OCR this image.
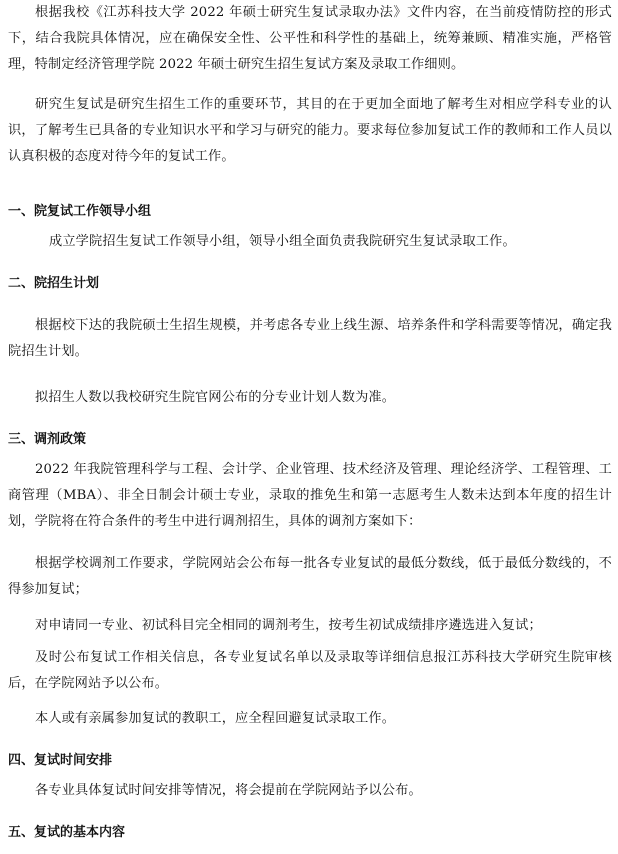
根据我校《江苏科技大学 2022 年硕士研究生复试录取办法》文件内容，在当前疫情防控的形式下，结合我院具体情况，应在确保安全性、公平性和科学性的基础上，统筹兼顾、精准实施，严格管理，特制定经济管理学院 2022 年硕士研究生招生复试方案及录取工作细则。

研究生复试是研究生招生工作的重要环节，其目的在于更加全面地了解考生对相应学科专业的认识，了解考生已具备的专业知识水平和学习与研究的能力。要求每位参加复试工作的教师和工作人员以认真积极的态度对待今年的复试工作。

一、院复试工作领导小组

成立学院招生复试工作领导小组，领导小组全面负责我院研究生复试录取工作。

二、院招生计划

根据校下达的我院硕士生招生规模，并考虑各专业上线生源、培养条件和学科需要等情况，确定我院招生计划。

拟招生人数以我校研究生院官网公布的分专业计划人数为准。

三、调剂政策

2022 年我院管理科学与工程、会计学、企业管理、技术经济及管理、理论经济学、工程管理、工商管理（MBA）、非全日制会计硕士专业，录取的推免生和第一志愿考生人数未达到本年度的招生计划，学院将在符合条件的考生中进行调剂招生，具体的调剂方案如下：

根据学校调剂工作要求，学院网站会公布每一批各专业复试的最低分数线，低于最低分数线的，不得参加复试；

对申请同一专业、初试科目完全相同的调剂考生，按考生初试成绩排序遴选进入复试；

及时公布复试工作相关信息，各专业复试名单以及录取等详细信息报江苏科技大学研究生院审核后，在学院网站予以公布。

本人或有亲属参加复试的教职工，应全程回避复试录取工作。

四、复试时间安排

各专业具体复试时间安排等情况，将会提前在学院网站予以公布。

五、复试的基本内容
